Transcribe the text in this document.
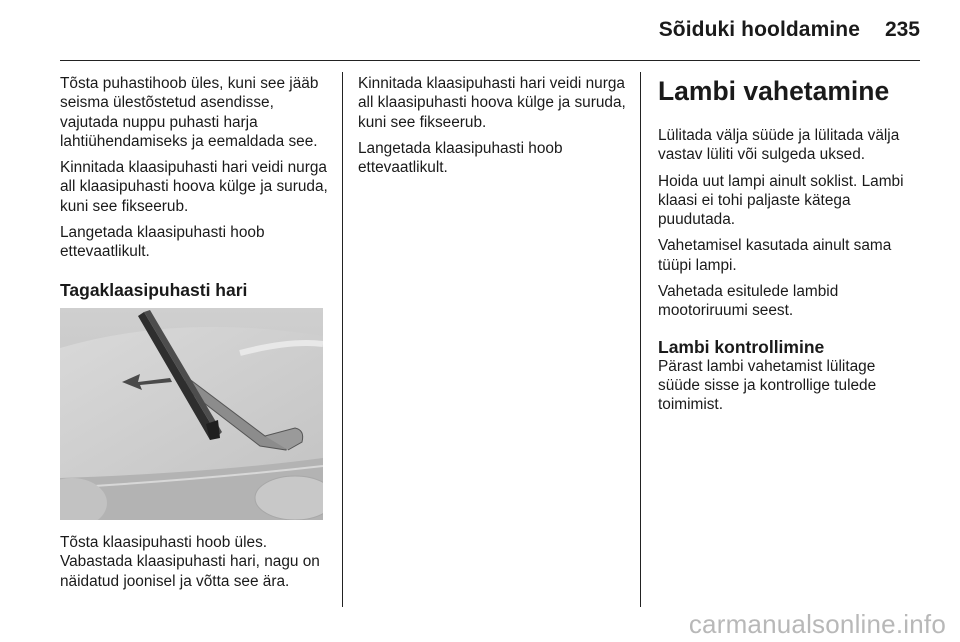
Sõiduki hooldamine 235

Tõsta puhastihoob üles, kuni see jääb seisma ülestõstetud asendisse, vajutada nuppu puhasti harja lahtiühendamiseks ja eemaldada see.

Kinnitada klaasipuhasti hari veidi nurga all klaasipuhasti hoova külge ja suruda, kuni see fikseerub.

Langetada klaasipuhasti hoob ettevaatlikult.

Tagaklaasipuhasti hari
Tõsta klaasipuhasti hoob üles.
Vabastada klaasipuhasti hari, nagu on näidatud joonisel ja võtta see ära.

Kinnitada klaasipuhasti hari veidi nurga all klaasipuhasti hoova külge ja suruda, kuni see fikseerub.

Langetada klaasipuhasti hoob ettevaatlikult.

Lambi vahetamine

Lülitada välja süüde ja lülitada välja vastav lüliti või sulgeda uksed.

Hoida uut lampi ainult soklist. Lambi klaasi ei tohi paljaste kätega puudutada.

Vahetamisel kasutada ainult sama tüüpi lampi.

Vahetada esitulede lambid mootoriruumi seest.

Lambi kontrollimine

Pärast lambi vahetamist lülitage süüde sisse ja kontrollige tulede toimimist.

carmanualsonline.info
